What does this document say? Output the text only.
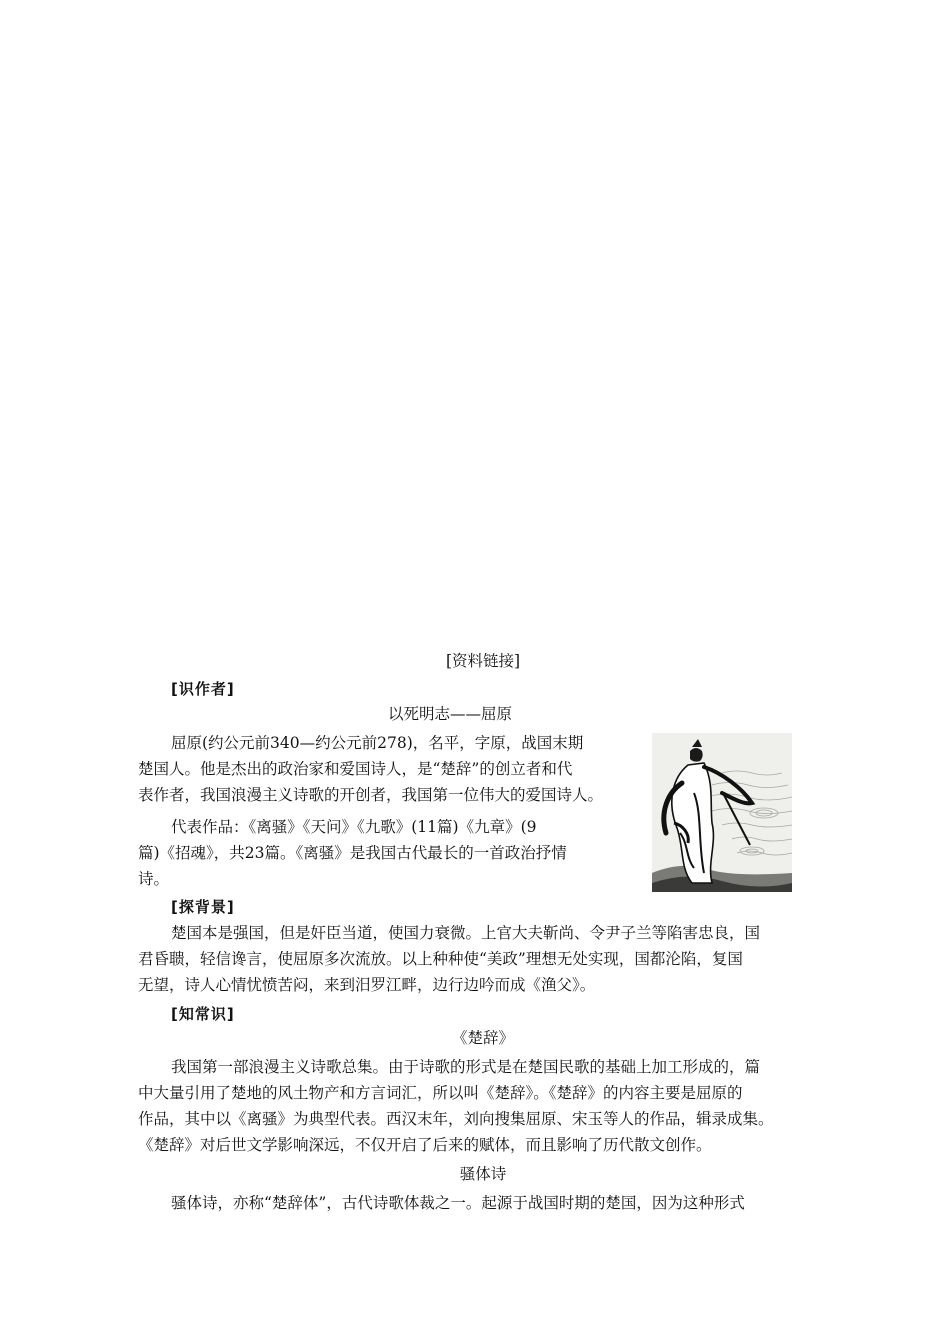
[资料链接]
[识作者]
以死明志——屈原
屈原(约公元前340—约公元前278)，名平，字原，战国末期
楚国人。他是杰出的政治家和爱国诗人，是“楚辞”的创立者和代
表作者，我国浪漫主义诗歌的开创者，我国第一位伟大的爱国诗人。
代表作品：《离骚》《天问》《九歌》(11篇)《九章》(9
篇)《招魂》，共23篇。《离骚》是我国古代最长的一首政治抒情
诗。
[探背景]
楚国本是强国，但是奸臣当道，使国力衰微。上官大夫靳尚、令尹子兰等陷害忠良，国
君昏聩，轻信谗言，使屈原多次流放。以上种种使“美政”理想无处实现，国都沦陷，复国
无望，诗人心情忧愤苦闷，来到汨罗江畔，边行边吟而成《渔父》。
[知常识]
《楚辞》
我国第一部浪漫主义诗歌总集。由于诗歌的形式是在楚国民歌的基础上加工形成的，篇
中大量引用了楚地的风土物产和方言词汇，所以叫《楚辞》。《楚辞》的内容主要是屈原的
作品，其中以《离骚》为典型代表。西汉末年，刘向搜集屈原、宋玉等人的作品，辑录成集。
《楚辞》对后世文学影响深远，不仅开启了后来的赋体，而且影响了历代散文创作。
骚体诗
骚体诗，亦称“楚辞体”，古代诗歌体裁之一。起源于战国时期的楚国，因为这种形式
